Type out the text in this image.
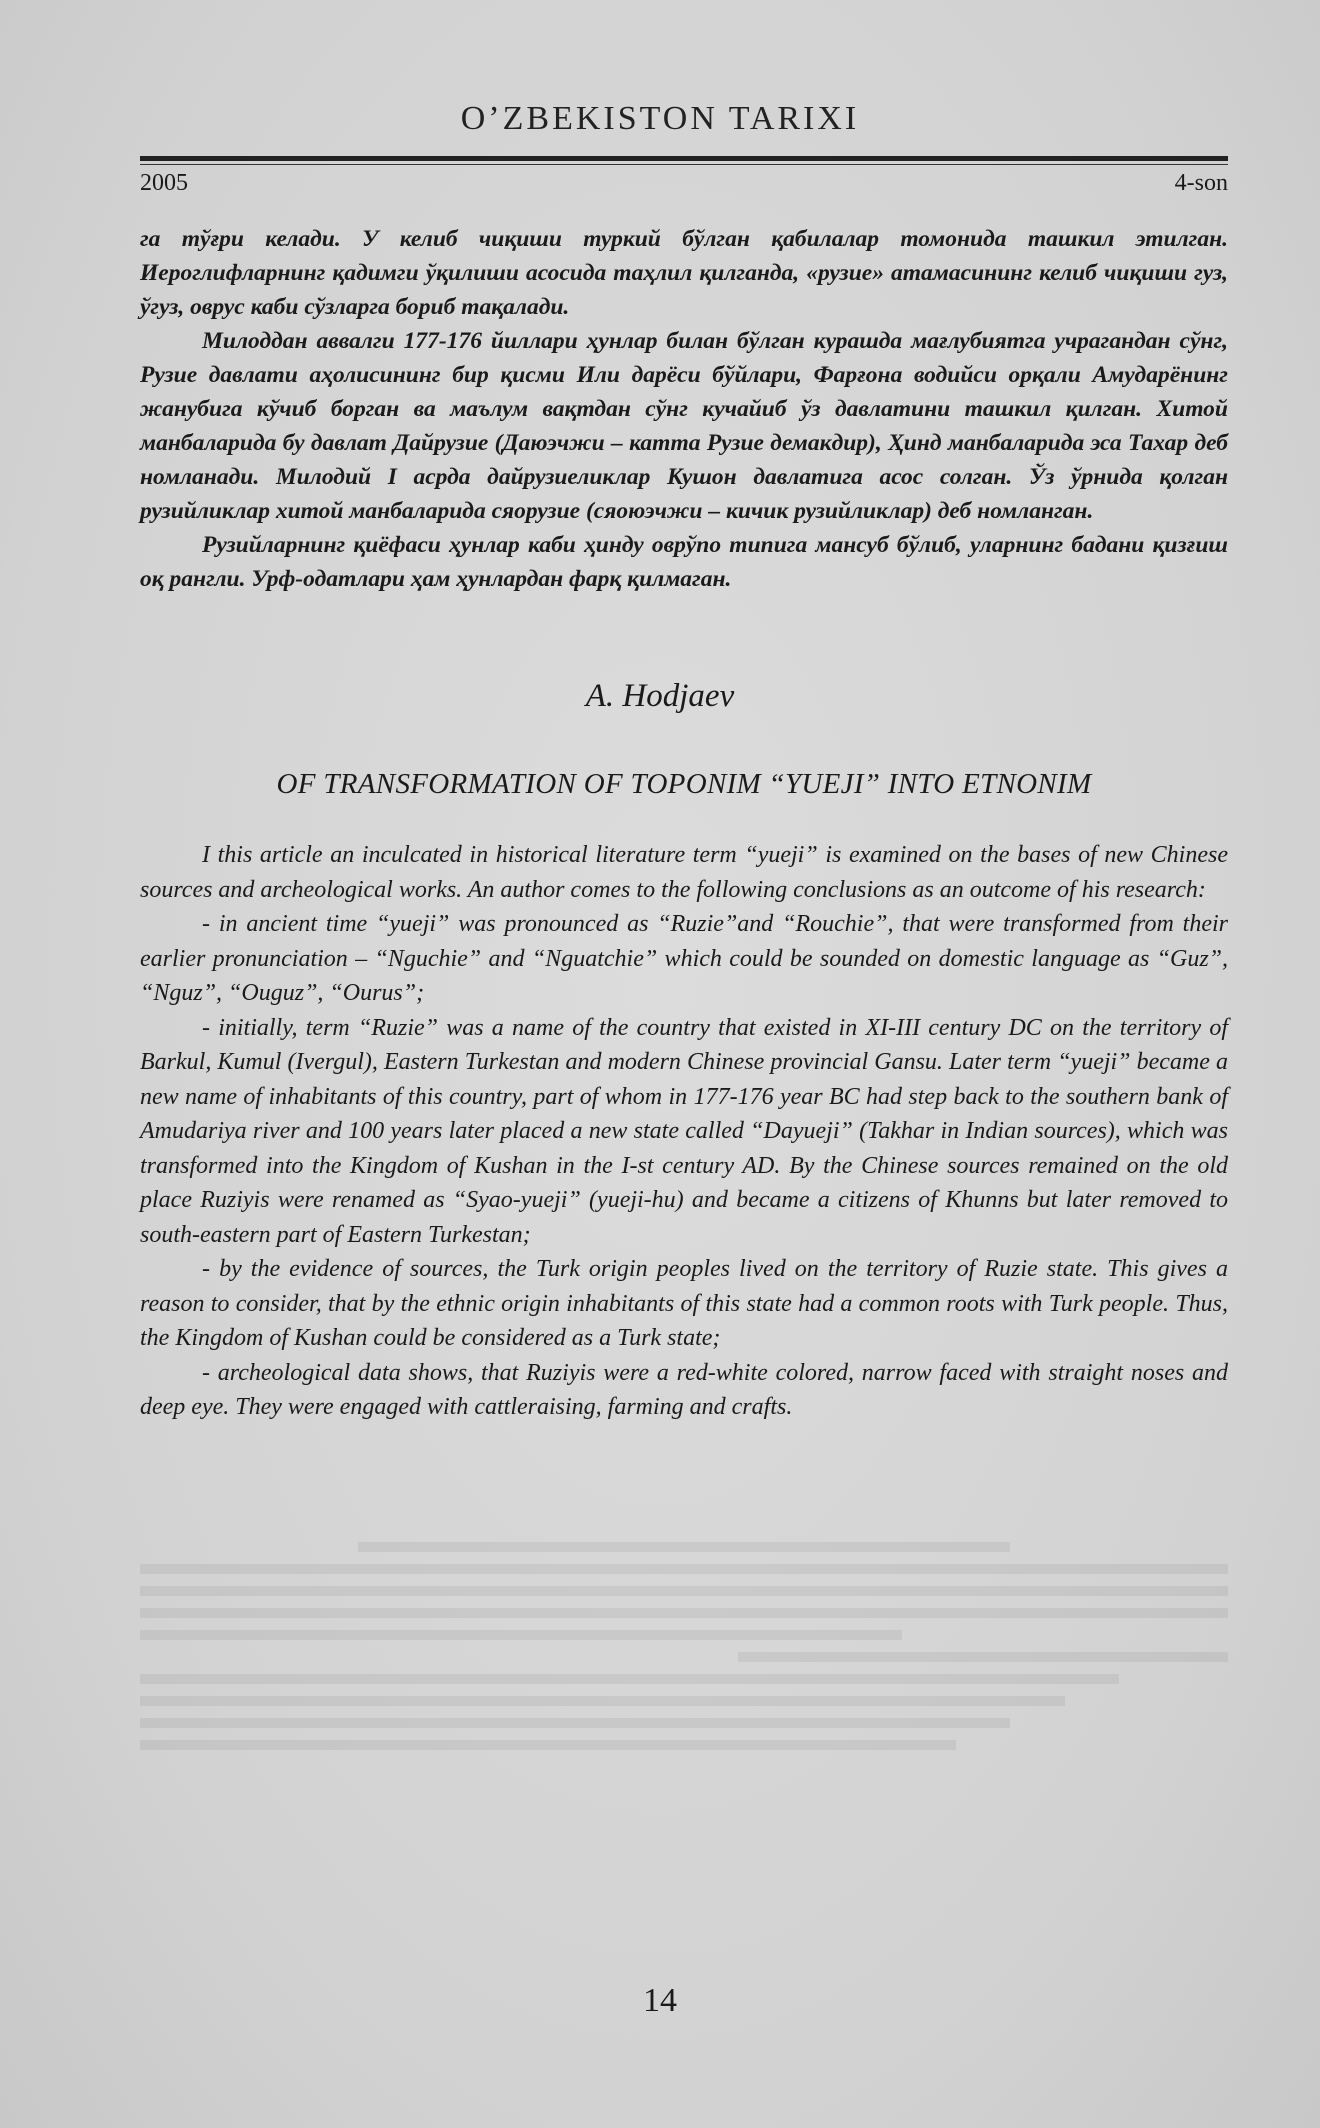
O’ZBEKISTON TARIXI
2005	4-son

га тўғри келади. У келиб чиқиши туркий бўлган қабилалар томонида ташкил этилган. Иероглифларнинг қадимги ўқилиши асосида таҳлил қилганда, «рузие» атамасининг келиб чиқиши гуз, ўгуз, оврус каби сўзларга бориб тақалади.

Милоддан аввалги 177-176 йиллари ҳунлар билан бўлган курашда мағлубиятга учрагандан сўнг, Рузие давлати аҳолисининг бир қисми Или дарёси бўйлари, Фарғона водийси орқали Амударёнинг жанубига кўчиб борган ва маълум вақтдан сўнг кучайиб ўз давлатини ташкил қилган. Хитой манбаларида бу давлат Дайрузие (Даюэчжи – катта Рузие демакдир), Ҳинд манбаларида эса Тахар деб номланади. Милодий I асрда дайрузиеликлар Кушон давлатига асос солган. Ўз ўрнида қолган рузийликлар хитой манбаларида сяорузие (сяоюэчжи – кичик рузийликлар) деб номланган.

Рузийларнинг қиёфаси ҳунлар каби ҳинду оврўпо типига мансуб бўлиб, уларнинг бадани қизғиш оқ рангли. Урф-одатлари ҳам ҳунлардан фарқ қилмаган.

A. Hodjaev
OF TRANSFORMATION OF TOPONIM “YUEJI” INTO ETNONIM

I this article an inculcated in historical literature term “yueji” is examined on the bases of new Chinese sources and archeological works. An author comes to the following conclusions as an outcome of his research:

- in ancient time “yueji” was pronounced as “Ruzie”and “Rouchie”, that were transformed from their earlier pronunciation – “Nguchie” and “Nguatchie” which could be sounded on domestic language as “Guz”, “Nguz”, “Ouguz”, “Ourus”;

- initially, term “Ruzie” was a name of the country that existed in XI-III century DC on the territory of Barkul, Kumul (Ivergul), Eastern Turkestan and modern Chinese provincial Gansu. Later term “yueji” became a new name of inhabitants of this country, part of whom in 177-176 year BC had step back to the southern bank of Amudariya river and 100 years later placed a new state called “Dayueji” (Takhar in Indian sources), which was transformed into the Kingdom of Kushan in the I-st century AD. By the Chinese sources remained on the old place Ruziyis were renamed as “Syao-yueji” (yueji-hu) and became a citizens of Khunns but later removed to south-eastern part of Eastern Turkestan;

- by the evidence of sources, the Turk origin peoples lived on the territory of Ruzie state. This gives a reason to consider, that by the ethnic origin inhabitants of this state had a common roots with Turk people. Thus, the Kingdom of Kushan could be considered as a Turk state;

- archeological data shows, that Ruziyis were a red-white colored, narrow faced with straight noses and deep eye. They were engaged with cattleraising, farming and crafts.

14
